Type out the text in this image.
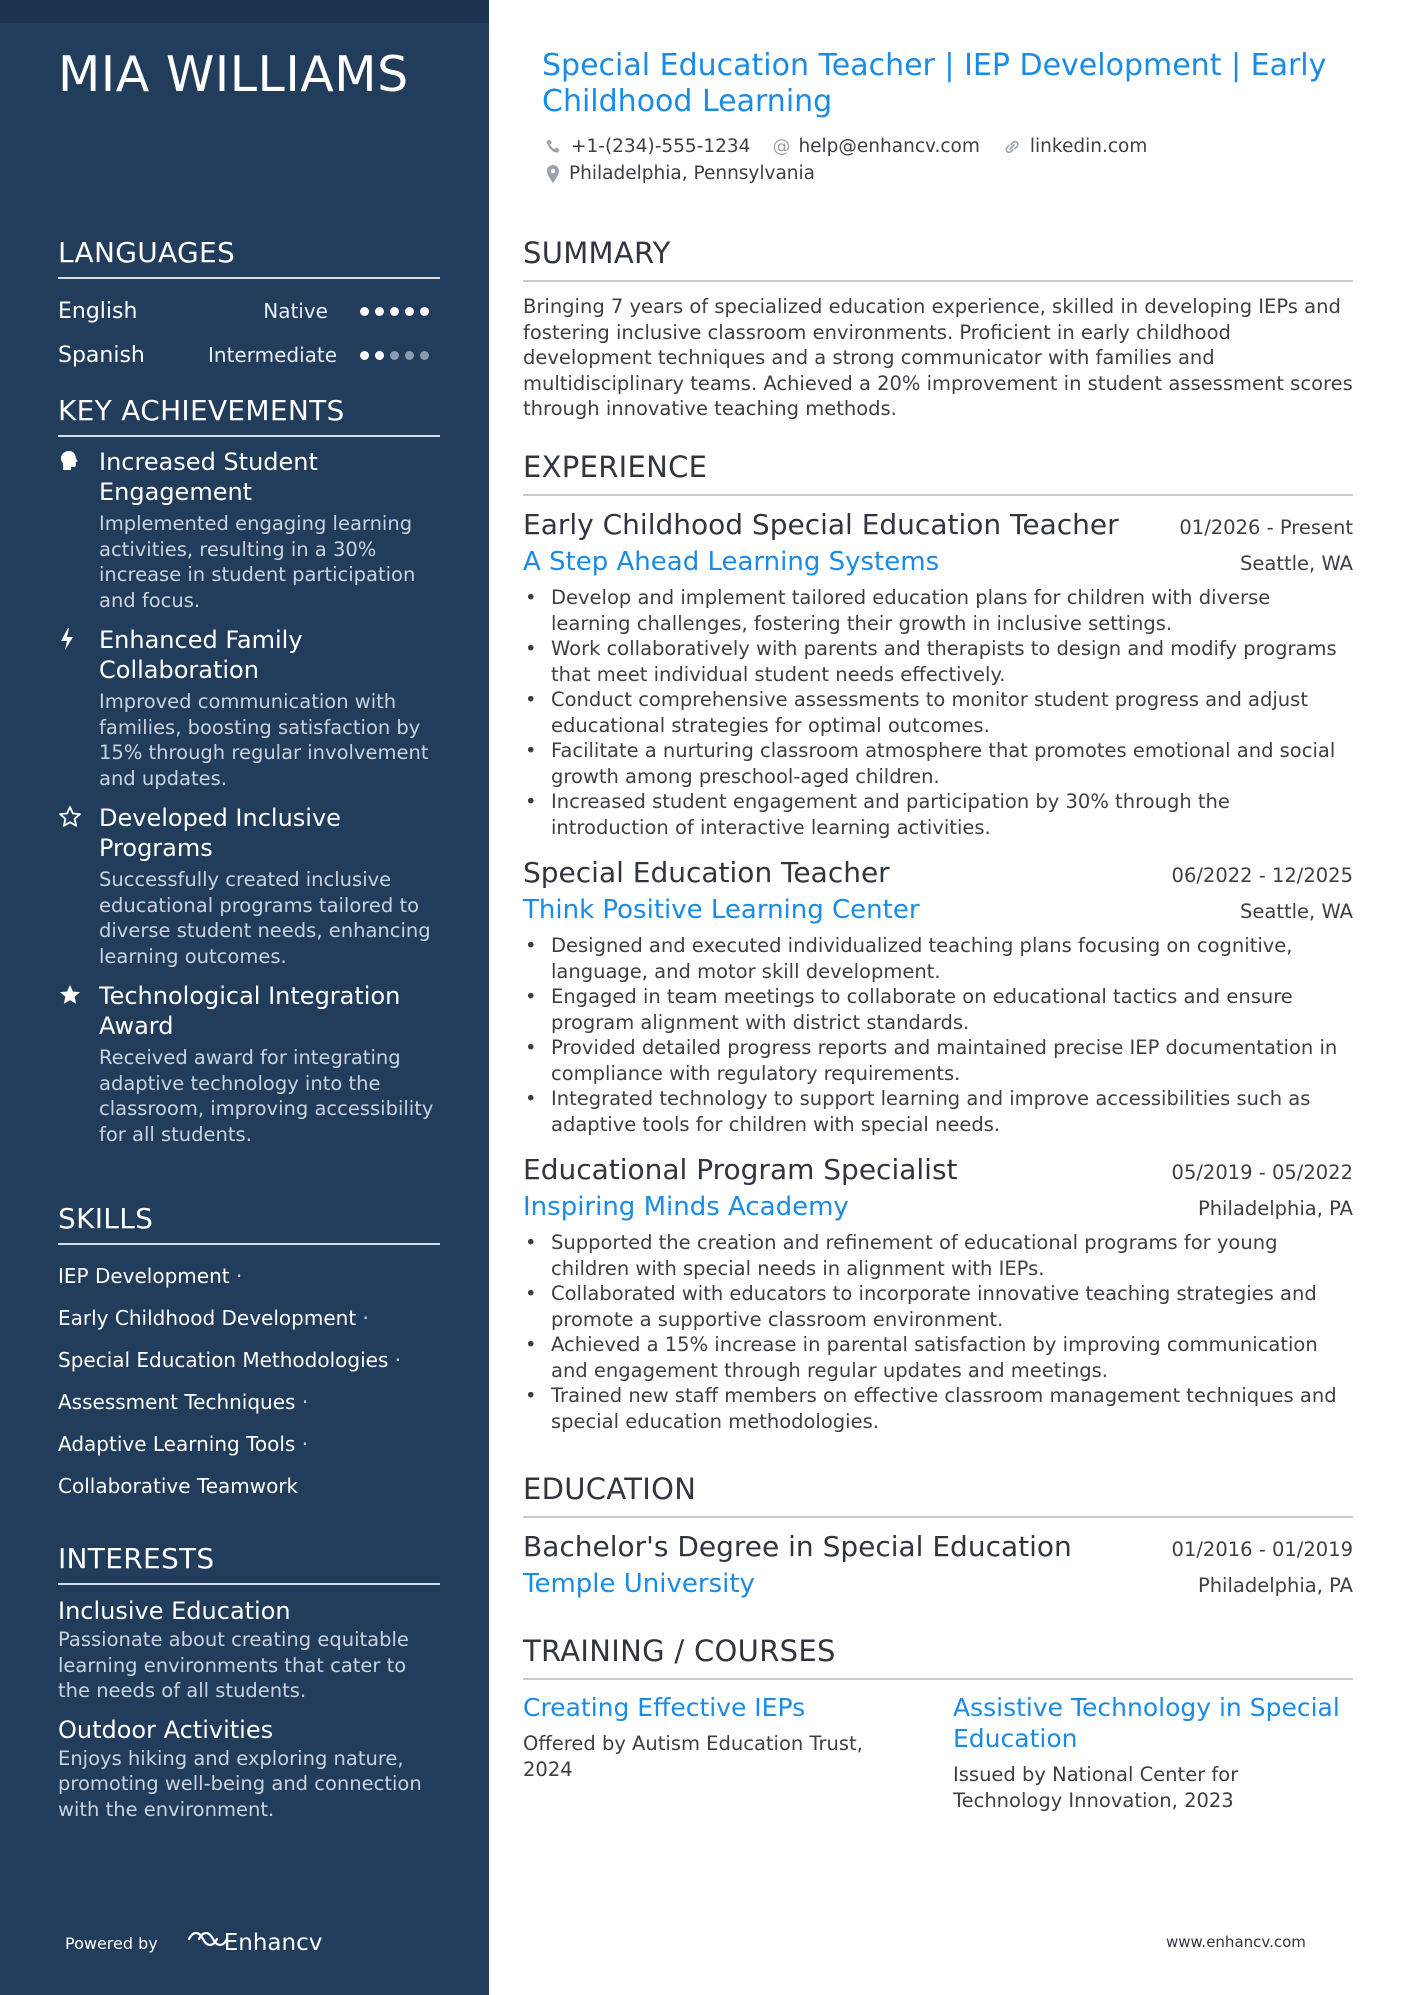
MIA WILLIAMS
LANGUAGES
English	Native
Spanish	Intermediate
KEY ACHIEVEMENTS
Increased Student Engagement
Implemented engaging learning activities, resulting in a 30% increase in student participation and focus.
Enhanced Family Collaboration
Improved communication with families, boosting satisfaction by 15% through regular involvement and updates.
Developed Inclusive Programs
Successfully created inclusive educational programs tailored to diverse student needs, enhancing learning outcomes.
Technological Integration Award
Received award for integrating adaptive technology into the classroom, improving accessibility for all students.
SKILLS
IEP Development ·
Early Childhood Development ·
Special Education Methodologies ·
Assessment Techniques ·
Adaptive Learning Tools ·
Collaborative Teamwork
INTERESTS
Inclusive Education
Passionate about creating equitable learning environments that cater to the needs of all students.
Outdoor Activities
Enjoys hiking and exploring nature, promoting well-being and connection with the environment.
Powered by	Enhancv
Special Education Teacher | IEP Development | Early Childhood Learning
+1-(234)-555-1234 @ help@enhancv.com	linkedin.com
Philadelphia, Pennsylvania
SUMMARY
Bringing 7 years of specialized education experience, skilled in developing IEPs and fostering inclusive classroom environments. Proficient in early childhood development techniques and a strong communicator with families and multidisciplinary teams. Achieved a 20% improvement in student assessment scores through innovative teaching methods.
EXPERIENCE
Early Childhood Special Education Teacher	01/2026 - Present
A Step Ahead Learning Systems	Seattle, WA
• Develop and implement tailored education plans for children with diverse learning challenges, fostering their growth in inclusive settings.
• Work collaboratively with parents and therapists to design and modify programs that meet individual student needs effectively.
• Conduct comprehensive assessments to monitor student progress and adjust educational strategies for optimal outcomes.
• Facilitate a nurturing classroom atmosphere that promotes emotional and social growth among preschool-aged children.
• Increased student engagement and participation by 30% through the introduction of interactive learning activities.
Special Education Teacher	06/2022 - 12/2025
Think Positive Learning Center	Seattle, WA
• Designed and executed individualized teaching plans focusing on cognitive, language, and motor skill development.
• Engaged in team meetings to collaborate on educational tactics and ensure program alignment with district standards.
• Provided detailed progress reports and maintained precise IEP documentation in compliance with regulatory requirements.
• Integrated technology to support learning and improve accessibilities such as adaptive tools for children with special needs.
Educational Program Specialist	05/2019 - 05/2022
Inspiring Minds Academy	Philadelphia, PA
• Supported the creation and refinement of educational programs for young children with special needs in alignment with IEPs.
• Collaborated with educators to incorporate innovative teaching strategies and promote a supportive classroom environment.
• Achieved a 15% increase in parental satisfaction by improving communication and engagement through regular updates and meetings.
• Trained new staff members on effective classroom management techniques and special education methodologies.
EDUCATION
Bachelor's Degree in Special Education	01/2016 - 01/2019
Temple University	Philadelphia, PA
TRAINING / COURSES
Creating Effective IEPs
Offered by Autism Education Trust, 2024
Assistive Technology in Special Education
Issued by National Center for Technology Innovation, 2023
www.enhancv.com
